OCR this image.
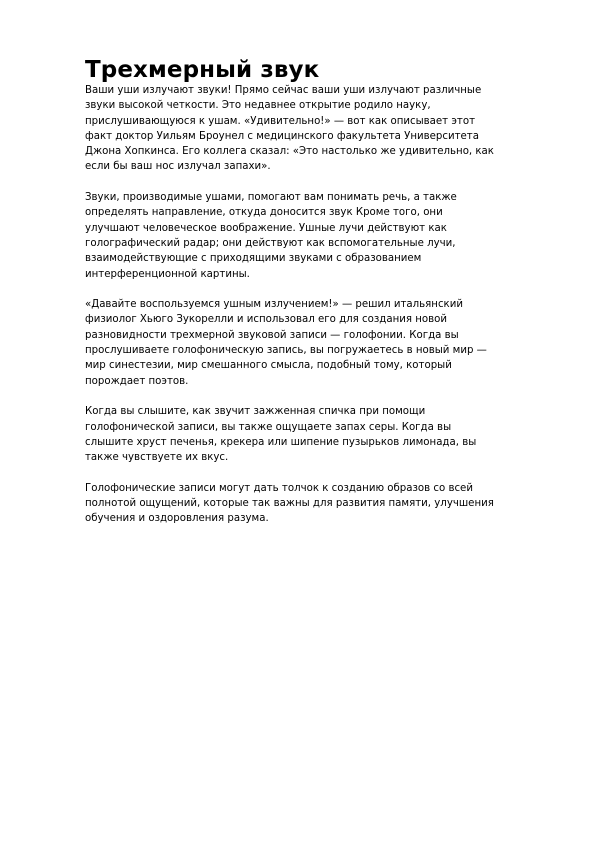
Трехмерный звук

Ваши уши излучают звуки! Прямо сейчас ваши уши излучают различные
звуки высокой четкости. Это недавнее открытие родило науку,
прислушивающуюся к ушам. «Удивительно!» — вот как описывает этот
факт доктор Уильям Броунел с медицинского факультета Университета
Джона Хопкинса. Его коллега сказал: «Это настолько же удивительно, как
если бы ваш нос излучал запахи».

Звуки, производимые ушами, помогают вам понимать речь, а также
определять направление, откуда доносится звук Кроме того, они
улучшают человеческое воображение. Ушные лучи действуют как
голографический радар; они действуют как вспомогательные лучи,
взаимодействующие с приходящими звуками с образованием
интерференционной картины.

«Давайте воспользуемся ушным излучением!» — решил итальянский
физиолог Хьюго Зукорелли и использовал его для создания новой
разновидности трехмерной звуковой записи — голофонии. Когда вы
прослушиваете голофоническую запись, вы погружаетесь в новый мир —
мир синестезии, мир смешанного смысла, подобный тому, который
порождает поэтов.

Когда вы слышите, как звучит зажженная спичка при помощи
голофонической записи, вы также ощущаете запах серы. Когда вы
слышите хруст печенья, крекера или шипение пузырьков лимонада, вы
также чувствуете их вкус.

Голофонические записи могут дать толчок к созданию образов со всей
полнотой ощущений, которые так важны для развития памяти, улучшения
обучения и оздоровления разума.
